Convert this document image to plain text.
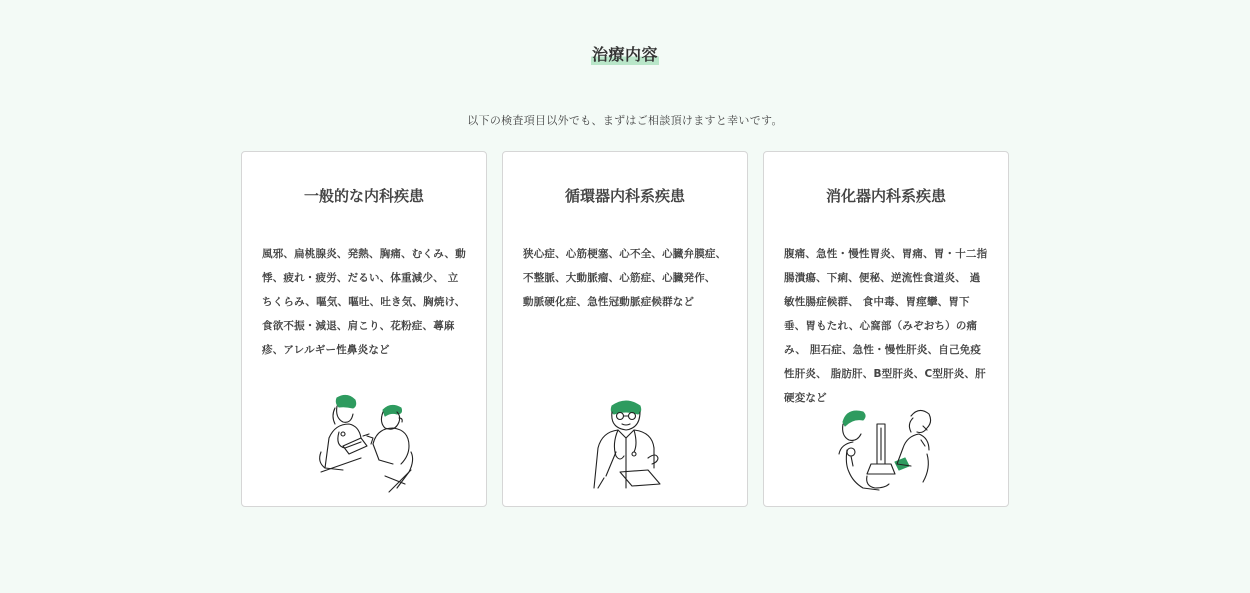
治療内容

以下の検査項目以外でも、まずはご相談頂けますと幸いです。

一般的な内科疾患

風邪、扁桃腺炎、発熱、胸痛、むくみ、動悸、疲れ・疲労、だるい、体重減少、 立ちくらみ、嘔気、嘔吐、吐き気、胸焼け、食欲不振・減退、肩こり、花粉症、蕁麻疹、アレルギー性鼻炎など

循環器内科系疾患

狭心症、心筋梗塞、心不全、心臓弁膜症、不整脈、大動脈瘤、心筋症、心臓発作、 動脈硬化症、急性冠動脈症候群など

消化器内科系疾患

腹痛、急性・慢性胃炎、胃痛、胃・十二指腸潰瘍、下痢、便秘、逆流性食道炎、 過敏性腸症候群、 食中毒、胃痙攣、胃下垂、胃もたれ、心窩部（みぞおち）の痛み、 胆石症、急性・慢性肝炎、自己免疫性肝炎、 脂肪肝、B型肝炎、C型肝炎、肝硬変など
